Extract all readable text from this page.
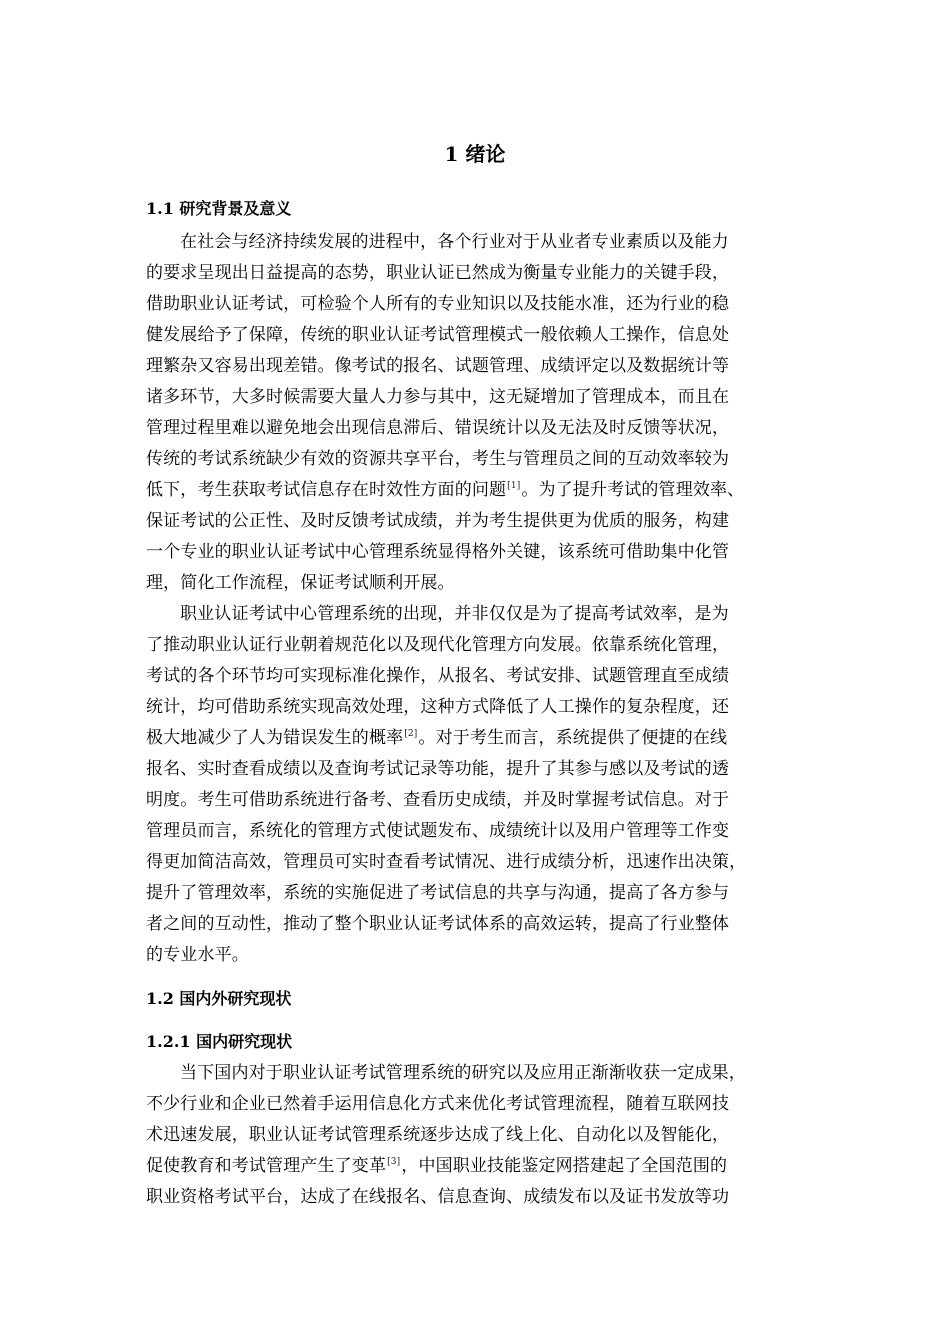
1 绪论
1.1 研究背景及意义
在社会与经济持续发展的进程中，各个行业对于从业者专业素质以及能力
的要求呈现出日益提高的态势，职业认证已然成为衡量专业能力的关键手段，
借助职业认证考试，可检验个人所有的专业知识以及技能水准，还为行业的稳
健发展给予了保障，传统的职业认证考试管理模式一般依赖人工操作，信息处
理繁杂又容易出现差错。像考试的报名、试题管理、成绩评定以及数据统计等
诸多环节，大多时候需要大量人力参与其中，这无疑增加了管理成本，而且在
管理过程里难以避免地会出现信息滞后、错误统计以及无法及时反馈等状况，
传统的考试系统缺少有效的资源共享平台，考生与管理员之间的互动效率较为
低下，考生获取考试信息存在时效性方面的问题[1]。为了提升考试的管理效率、
保证考试的公正性、及时反馈考试成绩，并为考生提供更为优质的服务，构建
一个专业的职业认证考试中心管理系统显得格外关键，该系统可借助集中化管
理，简化工作流程，保证考试顺利开展。
职业认证考试中心管理系统的出现，并非仅仅是为了提高考试效率，是为
了推动职业认证行业朝着规范化以及现代化管理方向发展。依靠系统化管理，
考试的各个环节均可实现标准化操作，从报名、考试安排、试题管理直至成绩
统计，均可借助系统实现高效处理，这种方式降低了人工操作的复杂程度，还
极大地减少了人为错误发生的概率[2]。对于考生而言，系统提供了便捷的在线
报名、实时查看成绩以及查询考试记录等功能，提升了其参与感以及考试的透
明度。考生可借助系统进行备考、查看历史成绩，并及时掌握考试信息。对于
管理员而言，系统化的管理方式使试题发布、成绩统计以及用户管理等工作变
得更加简洁高效，管理员可实时查看考试情况、进行成绩分析，迅速作出决策，
提升了管理效率，系统的实施促进了考试信息的共享与沟通，提高了各方参与
者之间的互动性，推动了整个职业认证考试体系的高效运转，提高了行业整体
的专业水平。
1.2 国内外研究现状
1.2.1 国内研究现状
当下国内对于职业认证考试管理系统的研究以及应用正渐渐收获一定成果，
不少行业和企业已然着手运用信息化方式来优化考试管理流程，随着互联网技
术迅速发展，职业认证考试管理系统逐步达成了线上化、自动化以及智能化，
促使教育和考试管理产生了变革[3]，中国职业技能鉴定网搭建起了全国范围的
职业资格考试平台，达成了在线报名、信息查询、成绩发布以及证书发放等功
